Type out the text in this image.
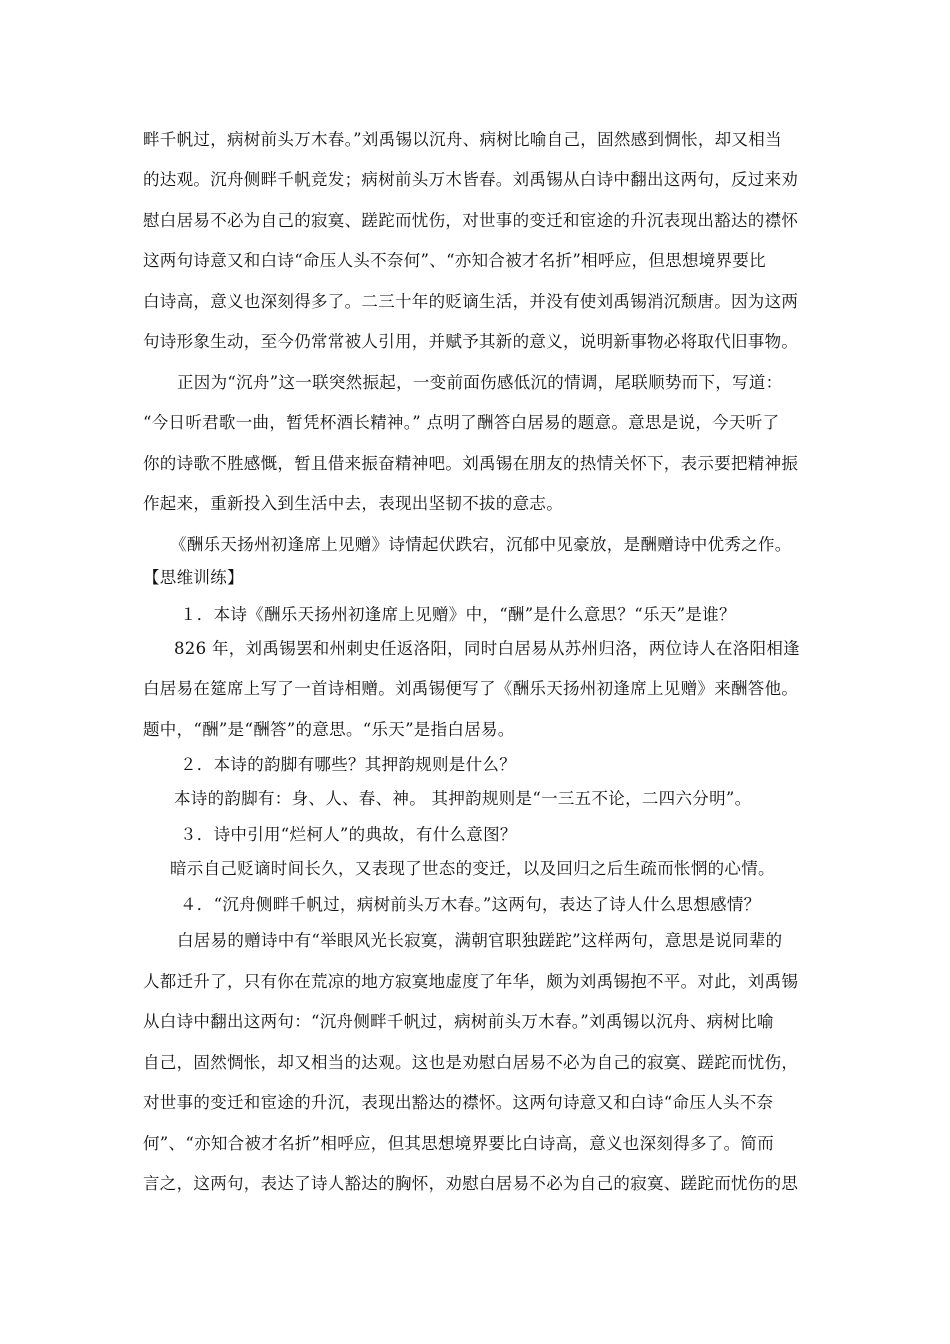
畔千帆过，病树前头万木春。”刘禹锡以沉舟、病树比喻自己，固然感到惆怅，却又相当
的达观。沉舟侧畔千帆竞发；病树前头万木皆春。刘禹锡从白诗中翻出这两句，反过来劝
慰白居易不必为自己的寂寞、蹉跎而忧伤，对世事的变迁和宦途的升沉表现出豁达的襟怀
这两句诗意又和白诗“命压人头不奈何”、“亦知合被才名折”相呼应，但思想境界要比
白诗高，意义也深刻得多了。二三十年的贬谪生活，并没有使刘禹锡消沉颓唐。因为这两
句诗形象生动，至今仍常常被人引用，并赋予其新的意义，说明新事物必将取代旧事物。
正因为“沉舟”这一联突然振起，一变前面伤感低沉的情调，尾联顺势而下，写道：
“今日听君歌一曲，暂凭杯酒长精神。” 点明了酬答白居易的题意。意思是说，今天听了
你的诗歌不胜感慨，暂且借来振奋精神吧。刘禹锡在朋友的热情关怀下，表示要把精神振
作起来，重新投入到生活中去，表现出坚韧不拔的意志。
《酬乐天扬州初逢席上见赠》诗情起伏跌宕，沉郁中见豪放，是酬赠诗中优秀之作。
【思维训练】
１．本诗《酬乐天扬州初逢席上见赠》中，“酬”是什么意思？“乐天”是谁？
826 年，刘禹锡罢和州刺史任返洛阳，同时白居易从苏州归洛，两位诗人在洛阳相逢
白居易在筵席上写了一首诗相赠。刘禹锡便写了《酬乐天扬州初逢席上见赠》来酬答他。
题中，“酬”是“酬答”的意思。“乐天”是指白居易。
２．本诗的韵脚有哪些？其押韵规则是什么？
本诗的韵脚有：身、人、春、神。 其押韵规则是“一三五不论，二四六分明”。
３．诗中引用“烂柯人”的典故，有什么意图？
暗示自己贬谪时间长久，又表现了世态的变迁，以及回归之后生疏而怅惘的心情。
４．“沉舟侧畔千帆过，病树前头万木春。”这两句，表达了诗人什么思想感情？
白居易的赠诗中有“举眼风光长寂寞，满朝官职独蹉跎”这样两句，意思是说同辈的
人都迁升了，只有你在荒凉的地方寂寞地虚度了年华，颇为刘禹锡抱不平。对此，刘禹锡
从白诗中翻出这两句：“沉舟侧畔千帆过，病树前头万木春。”刘禹锡以沉舟、病树比喻
自己，固然惆怅，却又相当的达观。这也是劝慰白居易不必为自己的寂寞、蹉跎而忧伤，
对世事的变迁和宦途的升沉，表现出豁达的襟怀。这两句诗意又和白诗“命压人头不奈
何”、“亦知合被才名折”相呼应，但其思想境界要比白诗高，意义也深刻得多了。简而
言之，这两句，表达了诗人豁达的胸怀，劝慰白居易不必为自己的寂寞、蹉跎而忧伤的思
